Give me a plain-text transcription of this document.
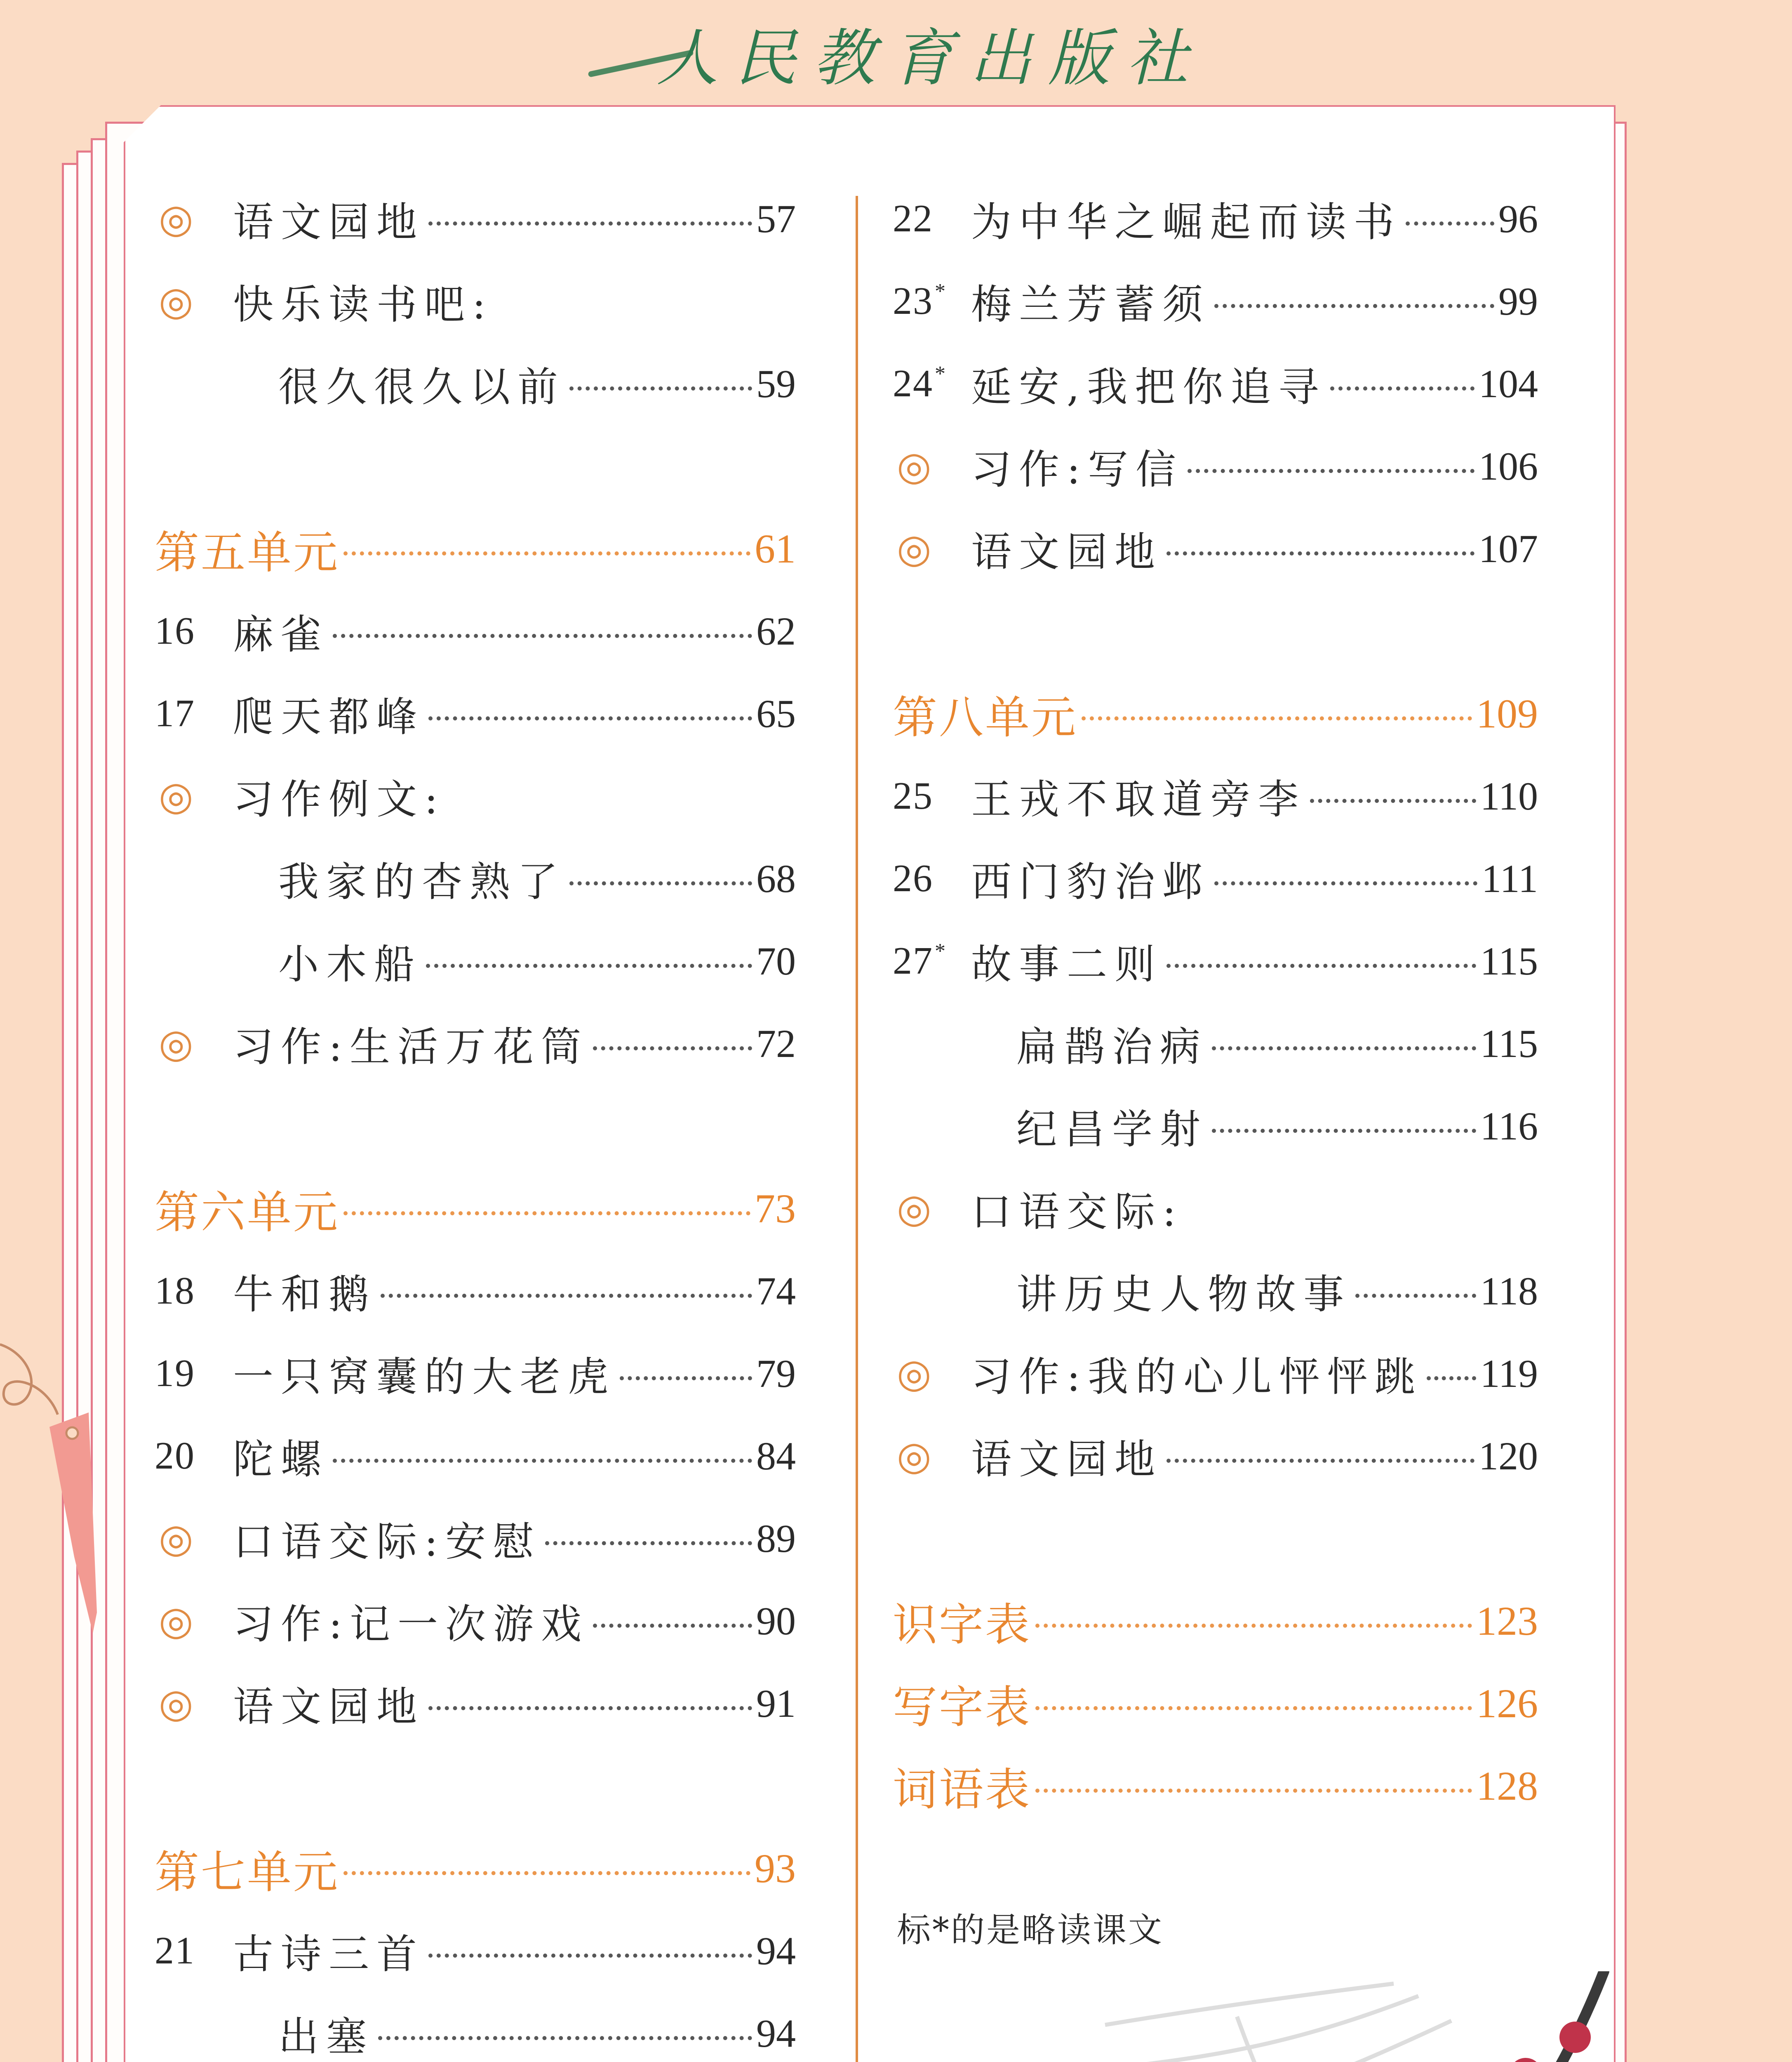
人民教育出版社
◎ 语文园地	57
◎ 快乐读书吧:
很久很久以前	59
第五单元	61
16 麻雀	62
17 爬天都峰	65
◎ 习作例文:
我家的杏熟了	68
小木船	70
◎ 习作:生活万花筒	72
第六单元	73
18 牛和鹅	74
19 一只窝囊的大老虎	79
20 陀螺	84
◎ 口语交际:安慰	89
◎ 习作:记一次游戏	90
◎ 语文园地	91
第七单元	93
21 古诗三首	94
出塞	94
22 为中华之崛起而读书 96
23* 梅兰芳蓄须	99
24* 延安,我把你追寻	104
◎ 习作:写信	106
◎ 语文园地	107
第八单元	109
25 王戎不取道旁李	110
26 西门豹治邺	111
27* 故事二则	115
扁鹊治病	115
纪昌学射	116
◎ 口语交际:
讲历史人物故事	118
◎ 习作:我的心儿怦怦跳 119
◎ 语文园地	120
识字表	123
写字表	126
词语表	128
标*的是略读课文
